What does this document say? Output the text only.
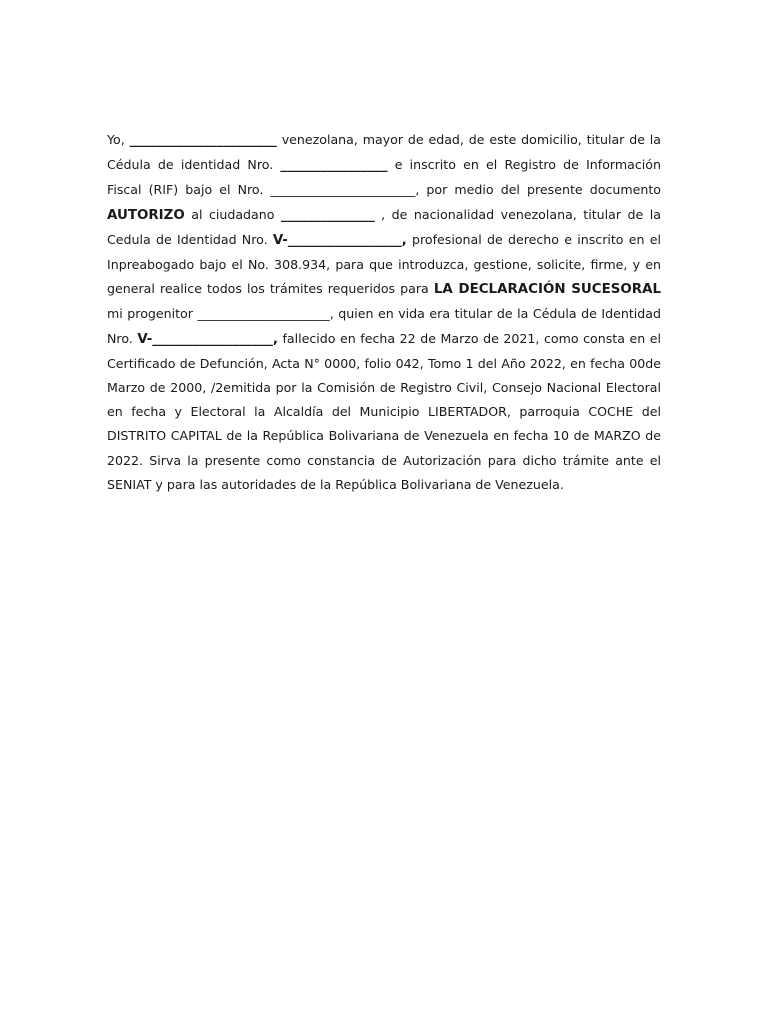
Yo, ______________________ venezolana, mayor de edad, de este domicilio, titular de la Cédula de identidad Nro. ________________ e inscrito en el Registro de Información Fiscal (RIF) bajo el Nro. _______________________, por medio del presente documento AUTORIZO al ciudadano ______________ , de nacionalidad venezolana, titular de la Cedula de Identidad Nro. V-_________________, profesional de derecho e inscrito en el Inpreabogado bajo el No. 308.934, para que introduzca, gestione, solicite, firme, y en general realice todos los trámites requeridos para LA DECLARACIÓN SUCESORAL mi progenitor _____________________, quien en vida era titular de la Cédula de Identidad Nro. V-__________________, fallecido en fecha 22 de Marzo de 2021, como consta en el Certificado de Defunción, Acta N° 0000, folio 042, Tomo 1 del Año 2022, en fecha 00de Marzo de 2000, /2emitida por la Comisión de Registro Civil, Consejo Nacional Electoral en fecha y Electoral la Alcaldía del Municipio LIBERTADOR, parroquia COCHE del DISTRITO CAPITAL de la República Bolivariana de Venezuela en fecha 10 de MARZO de 2022. Sirva la presente como constancia de Autorización para dicho trámite ante el SENIAT y para las autoridades de la República Bolivariana de Venezuela.
